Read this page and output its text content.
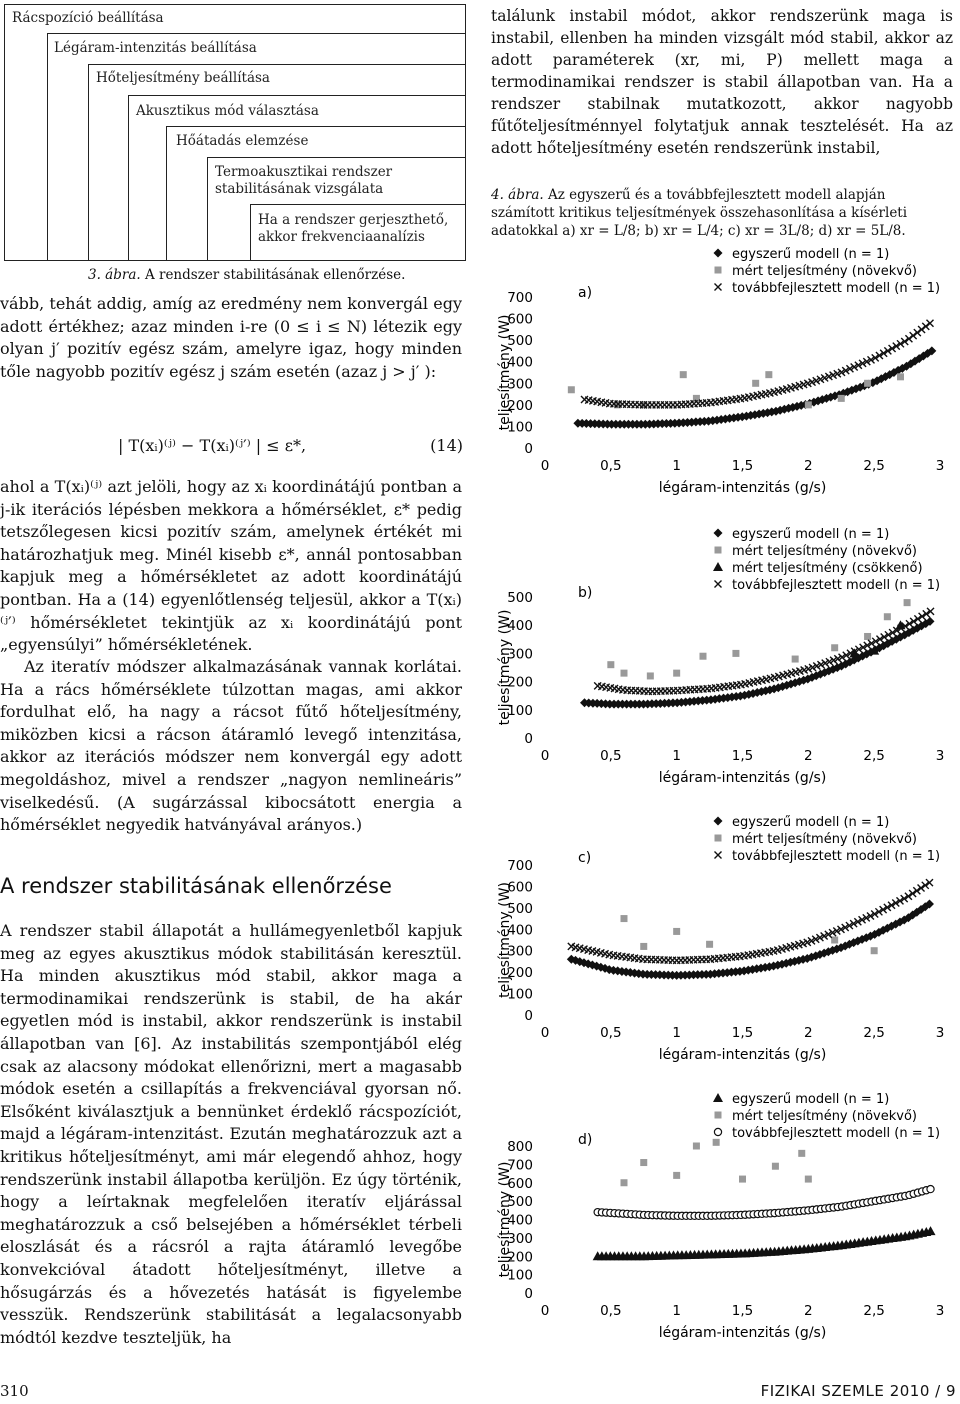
Rácspozíció beállítása
Légáram-intenzitás beállítása
Hőteljesítmény beállítása
Akusztikus mód választása
Hőátadás elemzése
Termoakusztikai rendszer stabilitásának vizsgálata
Ha a rendszer gerjeszthető, akkor frekvenciaanalízis
3. ábra. A rendszer stabilitásának ellenőrzése.

vább, tehát addig, amíg az eredmény nem konvergál egy adott értékhez; azaz minden i-re (0 ≤ i ≤ N) létezik egy olyan j′ pozitív egész szám, amelyre igaz, hogy minden tőle nagyobb pozitív egész j szám esetén (azaz j > j′ ):

| T(xᵢ)⁽ʲ⁾ − T(xᵢ)⁽ʲ′⁾ | ≤ ε*,	(14)

ahol a T(xᵢ)⁽ʲ⁾ azt jelöli, hogy az xᵢ koordinátájú pontban a j-ik iterációs lépésben mekkora a hőmérséklet, ε* pedig tetszőlegesen kicsi pozitív szám, amelynek értékét mi határozhatjuk meg. Minél kisebb ε*, annál pontosabban kapjuk meg a hőmérsékletet az adott koordinátájú pontban. Ha a (14) egyenlőtlenség teljesül, akkor a T(xᵢ)⁽ʲ′⁾ hőmérsékletet tekintjük az xᵢ koordinátájú pont „egyensúlyi” hőmérsékletének.

Az iteratív módszer alkalmazásának vannak korlátai. Ha a rács hőmérséklete túlzottan magas, ami akkor fordulhat elő, ha nagy a rácsot fűtő hőteljesítmény, miközben kicsi a rácson átáramló levegő intenzitása, akkor az iterációs módszer nem konvergál egy adott megoldáshoz, mivel a rendszer „nagyon nemlineáris” viselkedésű. (A sugárzással kibocsátott energia a hőmérséklet negyedik hatványával arányos.)

A rendszer stabilitásának ellenőrzése

A rendszer stabil állapotát a hullámegyenletből kapjuk meg az egyes akusztikus módok stabilitásán keresztül. Ha minden akusztikus mód stabil, akkor maga a termodinamikai rendszerünk is stabil, de ha akár egyetlen mód is instabil, akkor rendszerünk is instabil állapotban van [6]. Az instabilitás szempontjából elég csak az alacsony módokat ellenőrizni, mert a magasabb módok esetén a csillapítás a frekvenciával gyorsan nő. Elsőként kiválasztjuk a bennünket érdeklő rácspozíciót, majd a légáram-intenzitást. Ezután meghatározzuk azt a kritikus hőteljesítményt, ami már elegendő ahhoz, hogy rendszerünk instabil állapotba kerüljön. Ez úgy történik, hogy a leírtaknak megfelelően iteratív eljárással meghatározzuk a cső belsejében a hőmérséklet térbeli eloszlását és a rácsról a rajta átáramló levegőbe konvekcióval átadott hőteljesítményt, illetve a hősugárzás és a hővezetés hatását is figyelembe vesszük. Rendszerünk stabilitását a legalacsonyabb módtól kezdve teszteljük, ha

találunk instabil módot, akkor rendszerünk maga is instabil, ellenben ha minden vizsgált mód stabil, akkor az adott paraméterek (xr, mi, P) mellett maga a termodinamikai rendszer is stabil állapotban van. Ha a rendszer stabilnak mutatkozott, akkor nagyobb fűtőteljesítménnyel folytatjuk annak tesztelését. Ha az adott hőteljesítmény esetén rendszerünk instabil,

4. ábra. Az egyszerű és a továbbfejlesztett modell alapján számított kritikus teljesítmények összehasonlítása a kísérleti adatokkal a) xr = L/8; b) xr = L/4; c) xr = 3L/8; d) xr = 5L/8.
a)
teljesítmény (W)
0
100
200
300
400
500
600
700
0	0,5	1	1,5	2	2,5	3
légáram-intenzitás (g/s)
egyszerű modell (n = 1)
mért teljesítmény (növekvő)
továbbfejlesztett modell (n = 1)
b)
teljesítmény (W)
0
100
200
300
400
500
0	0,5	1	1,5	2	2,5	3
légáram-intenzitás (g/s)
egyszerű modell (n = 1)
mért teljesítmény (növekvő)
mért teljesítmény (csökkenő)
továbbfejlesztett modell (n = 1)
c)
teljesítmény (W)
0
100
200
300
400
500
600
700
0	0,5	1	1,5	2	2,5	3
légáram-intenzitás (g/s)
egyszerű modell (n = 1)
mért teljesítmény (növekvő)
továbbfejlesztett modell (n = 1)
d)
teljesítmény (W)
0
100
200
300
400
500
600
700
800
0	0,5	1	1,5	2	2,5	3
légáram-intenzitás (g/s)
egyszerű modell (n = 1)
mért teljesítmény (növekvő)
továbbfejlesztett modell (n = 1)
310	FIZIKAI SZEMLE 2010 / 9
